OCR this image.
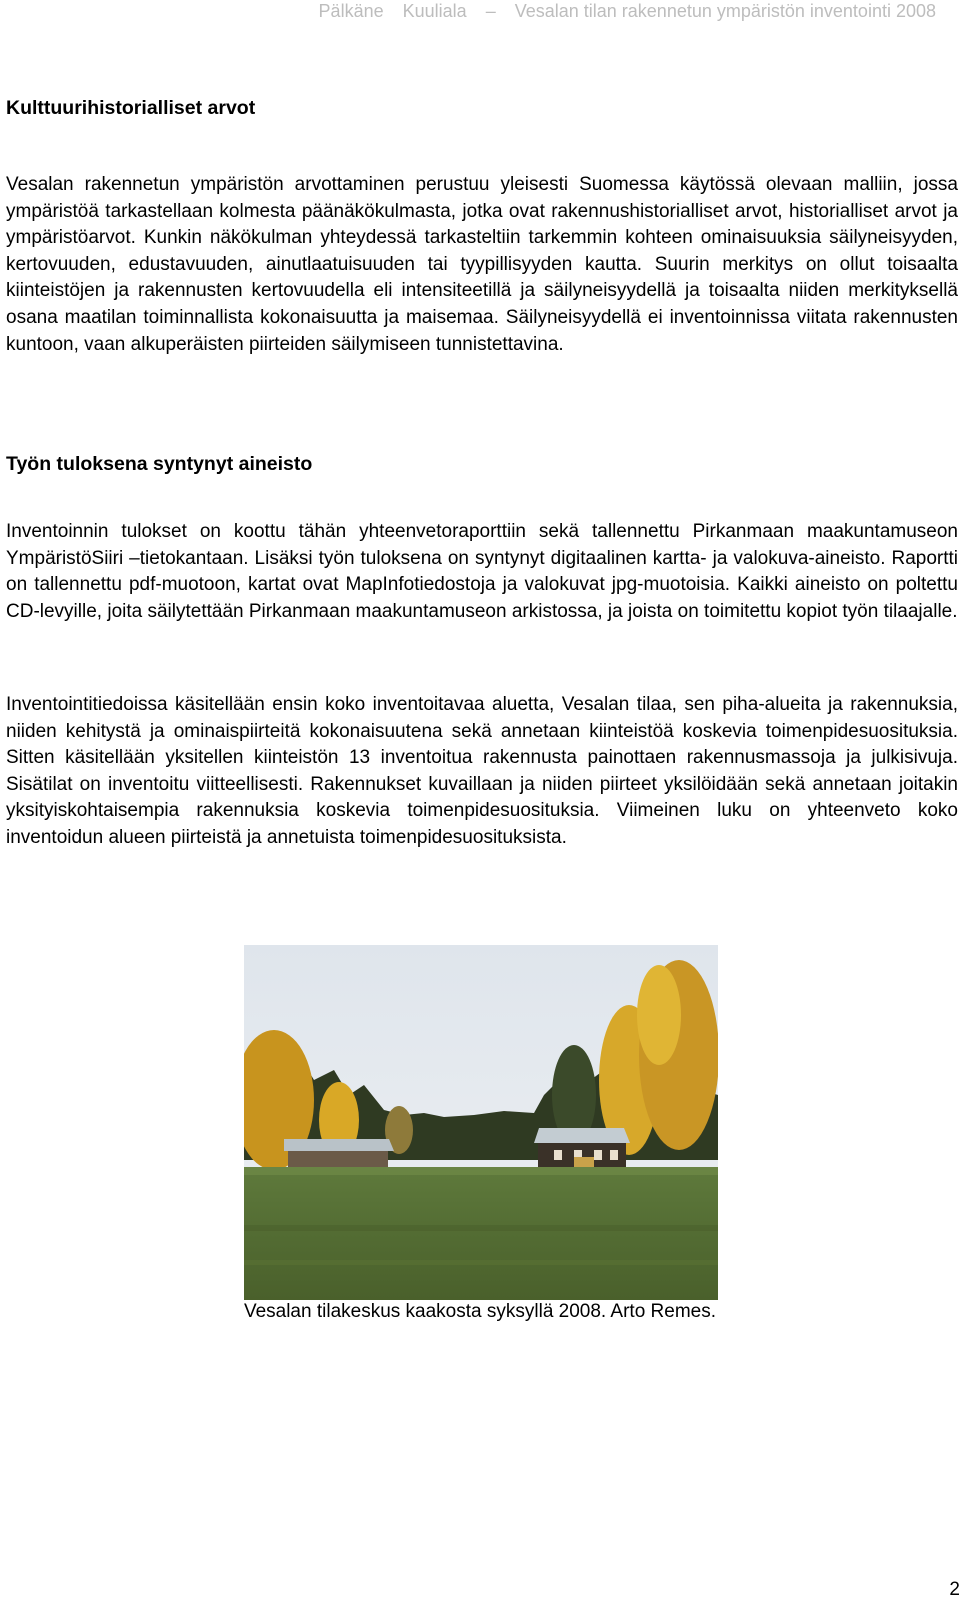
Pälkäne Kuuliala – Vesalan tilan rakennetun ympäristön inventointi 2008
Kulttuurihistorialliset arvot

Vesalan rakennetun ympäristön arvottaminen perustuu yleisesti Suomessa käytössä olevaan malliin, jossa ympäristöä tarkastellaan kolmesta päänäkökulmasta, jotka ovat rakennushistorialliset arvot, historialliset arvot ja ympäristöarvot. Kunkin näkökulman yhteydessä tarkasteltiin tarkemmin kohteen ominaisuuksia säilyneisyyden, kertovuuden, edustavuuden, ainutlaatuisuuden tai tyypillisyyden kautta. Suurin merkitys on ollut toisaalta kiinteistöjen ja rakennusten kertovuudella eli intensiteetillä ja säilyneisyydellä ja toisaalta niiden merkityksellä osana maatilan toiminnallista kokonaisuutta ja maisemaa. Säilyneisyydellä ei inventoinnissa viitata rakennusten kuntoon, vaan alkuperäisten piirteiden säilymiseen tunnistettavina.

Työn tuloksena syntynyt aineisto

Inventoinnin tulokset on koottu tähän yhteenvetoraporttiin sekä tallennettu Pirkanmaan maakuntamuseon YmpäristöSiiri –tietokantaan. Lisäksi työn tuloksena on syntynyt digitaalinen kartta- ja valokuva-aineisto. Raportti on tallennettu pdf-muotoon, kartat ovat MapInfotiedostoja ja valokuvat jpg-muotoisia. Kaikki aineisto on poltettu CD-levyille, joita säilytettään Pirkanmaan maakuntamuseon arkistossa, ja joista on toimitettu kopiot työn tilaajalle.

Inventointitiedoissa käsitellään ensin koko inventoitavaa aluetta, Vesalan tilaa, sen piha-alueita ja rakennuksia, niiden kehitystä ja ominaispiirteitä kokonaisuutena sekä annetaan kiinteistöä koskevia toimenpidesuosituksia. Sitten käsitellään yksitellen kiinteistön 13 inventoitua rakennusta painottaen rakennusmassoja ja julkisivuja. Sisätilat on inventoitu viitteellisesti. Rakennukset kuvaillaan ja niiden piirteet yksilöidään sekä annetaan joitakin yksityiskohtaisempia rakennuksia koskevia toimenpidesuosituksia. Viimeinen luku on yhteenveto koko inventoidun alueen piirteistä ja annetuista toimenpidesuosituksista.

Vesalan tilakeskus kaakosta syksyllä 2008. Arto Remes.
2
